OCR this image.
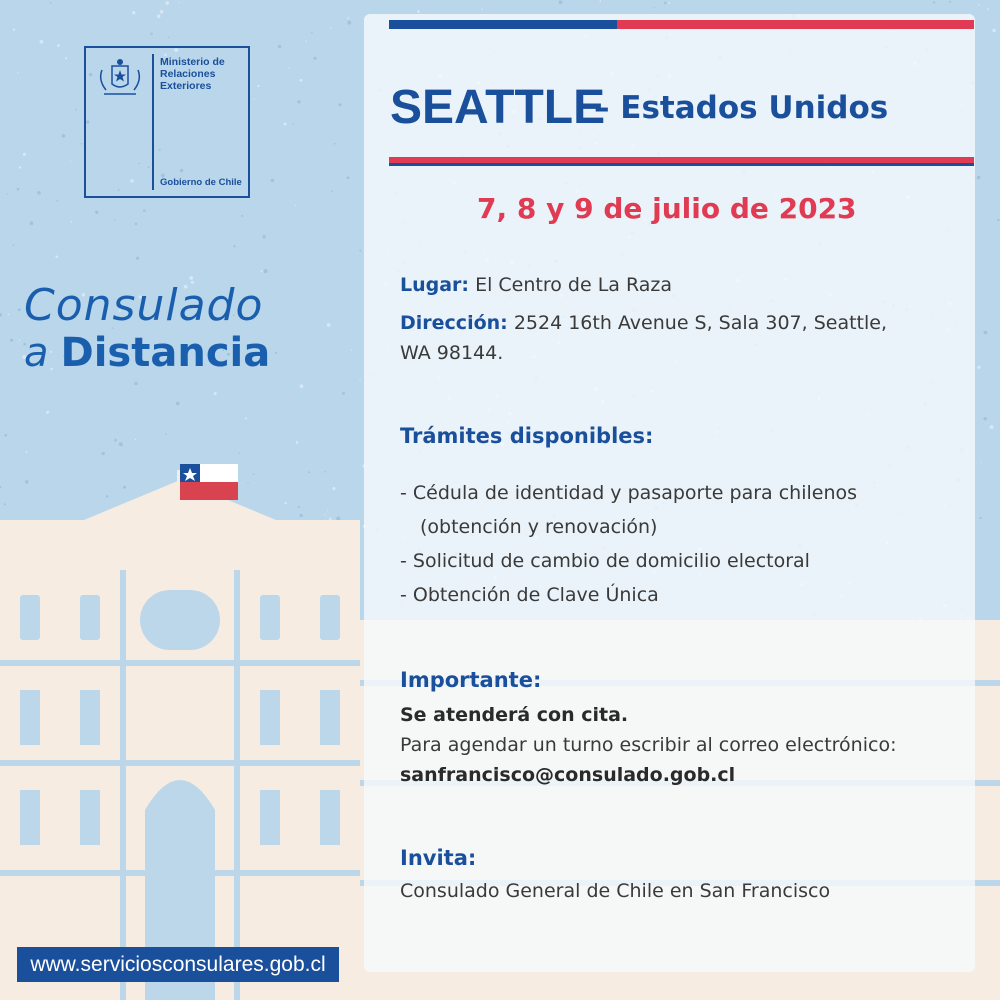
Ministerio de
Relaciones
Exteriores
Gobierno de Chile
Consulado
a Distancia
www.serviciosconsulares.gob.cl
SEATTLE
– Estados Unidos
7, 8 y 9 de julio de 2023
Lugar: El Centro de La Raza
Dirección: 2524 16th Avenue S, Sala 307, Seattle,
WA 98144.
Trámites disponibles:
- Cédula de identidad y pasaporte para chilenos
(obtención y renovación)
- Solicitud de cambio de domicilio electoral
- Obtención de Clave Única
Importante:
Se atenderá con cita.
Para agendar un turno escribir al correo electrónico:
sanfrancisco@consulado.gob.cl
Invita:
Consulado General de Chile en San Francisco
